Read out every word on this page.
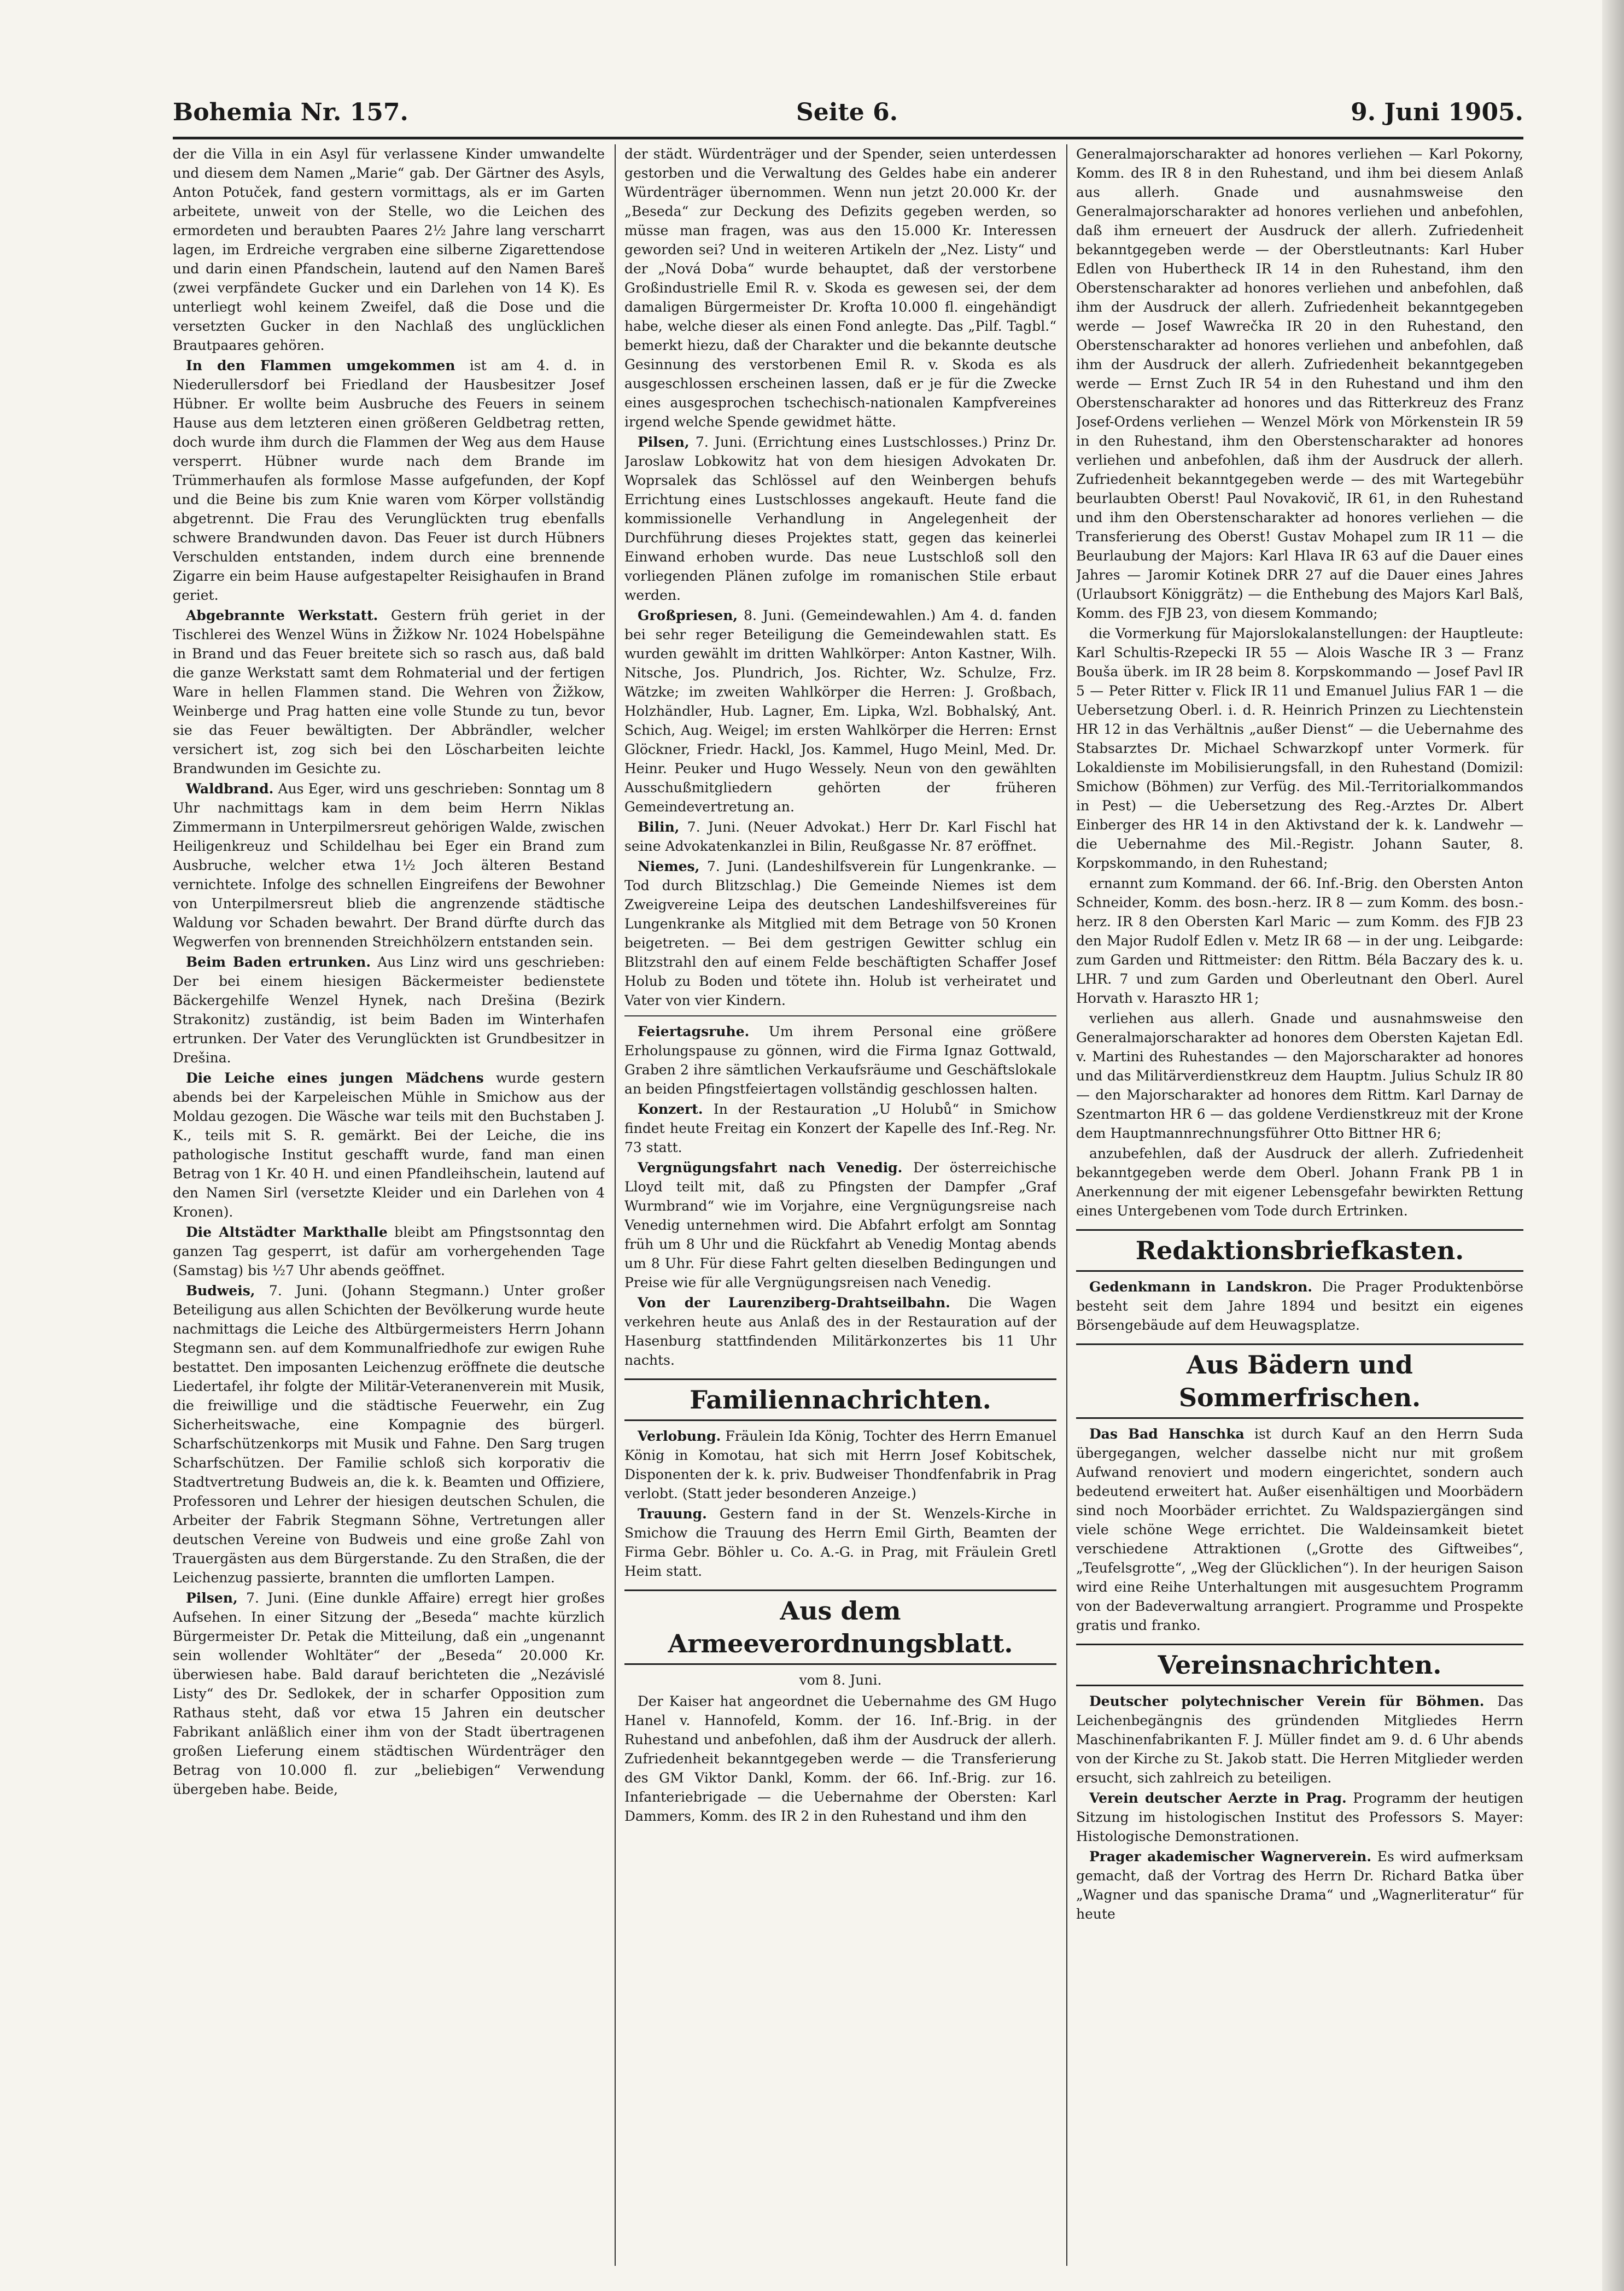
Bohemia Nr. 157.	Seite 6.	9. Juni 1905.

der die Villa in ein Asyl für verlassene Kinder umwandelte und diesem dem Namen „Marie“ gab. Der Gärtner des Asyls, Anton Potuček, fand gestern vormittags, als er im Garten arbeitete, unweit von der Stelle, wo die Leichen des ermordeten und beraubten Paares 2½ Jahre lang verscharrt lagen, im Erdreiche vergraben eine silberne Zigarettendose und darin einen Pfandschein, lautend auf den Namen Bareš (zwei verpfändete Gucker und ein Darlehen von 14 K). Es unterliegt wohl keinem Zweifel, daß die Dose und die versetzten Gucker in den Nachlaß des unglücklichen Brautpaares gehören.

In den Flammen umgekommen ist am 4. d. in Niederullersdorf bei Friedland der Hausbesitzer Josef Hübner. Er wollte beim Ausbruche des Feuers in seinem Hause aus dem letzteren einen größeren Geldbetrag retten, doch wurde ihm durch die Flammen der Weg aus dem Hause versperrt. Hübner wurde nach dem Brande im Trümmerhaufen als formlose Masse aufgefunden, der Kopf und die Beine bis zum Knie waren vom Körper vollständig abgetrennt. Die Frau des Verunglückten trug ebenfalls schwere Brandwunden davon. Das Feuer ist durch Hübners Verschulden entstanden, indem durch eine brennende Zigarre ein beim Hause aufgestapelter Reisighaufen in Brand geriet.

Abgebrannte Werkstatt. Gestern früh geriet in der Tischlerei des Wenzel Wüns in Žižkow Nr. 1024 Hobelspähne in Brand und das Feuer breitete sich so rasch aus, daß bald die ganze Werkstatt samt dem Rohmaterial und der fertigen Ware in hellen Flammen stand. Die Wehren von Žižkow, Weinberge und Prag hatten eine volle Stunde zu tun, bevor sie das Feuer bewältigten. Der Abbrändler, welcher versichert ist, zog sich bei den Löscharbeiten leichte Brandwunden im Gesichte zu.

Waldbrand. Aus Eger, wird uns geschrieben: Sonntag um 8 Uhr nachmittags kam in dem beim Herrn Niklas Zimmermann in Unterpilmersreut gehörigen Walde, zwischen Heiligenkreuz und Schildelhau bei Eger ein Brand zum Ausbruche, welcher etwa 1½ Joch älteren Bestand vernichtete. Infolge des schnellen Eingreifens der Bewohner von Unterpilmersreut blieb die angrenzende städtische Waldung vor Schaden bewahrt. Der Brand dürfte durch das Wegwerfen von brennenden Streichhölzern entstanden sein.

Beim Baden ertrunken. Aus Linz wird uns geschrieben: Der bei einem hiesigen Bäckermeister bedienstete Bäckergehilfe Wenzel Hynek, nach Drešina (Bezirk Strakonitz) zuständig, ist beim Baden im Winterhafen ertrunken. Der Vater des Verunglückten ist Grundbesitzer in Drešina.

Die Leiche eines jungen Mädchens wurde gestern abends bei der Karpeleischen Mühle in Smichow aus der Moldau gezogen. Die Wäsche war teils mit den Buchstaben J. K., teils mit S. R. gemärkt. Bei der Leiche, die ins pathologische Institut geschafft wurde, fand man einen Betrag von 1 Kr. 40 H. und einen Pfandleihschein, lautend auf den Namen Sirl (versetzte Kleider und ein Darlehen von 4 Kronen).

Die Altstädter Markthalle bleibt am Pfingstsonntag den ganzen Tag gesperrt, ist dafür am vorhergehenden Tage (Samstag) bis ½7 Uhr abends geöffnet.

Budweis, 7. Juni. (Johann Stegmann.) Unter großer Beteiligung aus allen Schichten der Bevölkerung wurde heute nachmittags die Leiche des Altbürgermeisters Herrn Johann Stegmann sen. auf dem Kommunalfriedhofe zur ewigen Ruhe bestattet. Den imposanten Leichenzug eröffnete die deutsche Liedertafel, ihr folgte der Militär-Veteranenverein mit Musik, die freiwillige und die städtische Feuerwehr, ein Zug Sicherheitswache, eine Kompagnie des bürgerl. Scharfschützenkorps mit Musik und Fahne. Den Sarg trugen Scharfschützen. Der Familie schloß sich korporativ die Stadtvertretung Budweis an, die k. k. Beamten und Offiziere, Professoren und Lehrer der hiesigen deutschen Schulen, die Arbeiter der Fabrik Stegmann Söhne, Vertretungen aller deutschen Vereine von Budweis und eine große Zahl von Trauergästen aus dem Bürgerstande. Zu den Straßen, die der Leichenzug passierte, brannten die umflorten Lampen.

Pilsen, 7. Juni. (Eine dunkle Affaire) erregt hier großes Aufsehen. In einer Sitzung der „Beseda“ machte kürzlich Bürgermeister Dr. Petak die Mitteilung, daß ein „ungenannt sein wollender Wohltäter“ der „Beseda“ 20.000 Kr. überwiesen habe. Bald darauf berichteten die „Nezávislé Listy“ des Dr. Sedlokek, der in scharfer Opposition zum Rathaus steht, daß vor etwa 15 Jahren ein deutscher Fabrikant anläßlich einer ihm von der Stadt übertragenen großen Lieferung einem städtischen Würdenträger den Betrag von 10.000 fl. zur „beliebigen“ Verwendung übergeben habe. Beide,

der städt. Würdenträger und der Spender, seien unterdessen gestorben und die Verwaltung des Geldes habe ein anderer Würdenträger übernommen. Wenn nun jetzt 20.000 Kr. der „Beseda“ zur Deckung des Defizits gegeben werden, so müsse man fragen, was aus den 15.000 Kr. Interessen geworden sei? Und in weiteren Artikeln der „Nez. Listy“ und der „Nová Doba“ wurde behauptet, daß der verstorbene Großindustrielle Emil R. v. Skoda es gewesen sei, der dem damaligen Bürgermeister Dr. Krofta 10.000 fl. eingehändigt habe, welche dieser als einen Fond anlegte. Das „Pilf. Tagbl.“ bemerkt hiezu, daß der Charakter und die bekannte deutsche Gesinnung des verstorbenen Emil R. v. Skoda es als ausgeschlossen erscheinen lassen, daß er je für die Zwecke eines ausgesprochen tschechisch-nationalen Kampfvereines irgend welche Spende gewidmet hätte.

Pilsen, 7. Juni. (Errichtung eines Lustschlosses.) Prinz Dr. Jaroslaw Lobkowitz hat von dem hiesigen Advokaten Dr. Woprsalek das Schlössel auf den Weinbergen behufs Errichtung eines Lustschlosses angekauft. Heute fand die kommissionelle Verhandlung in Angelegenheit der Durchführung dieses Projektes statt, gegen das keinerlei Einwand erhoben wurde. Das neue Lustschloß soll den vorliegenden Plänen zufolge im romanischen Stile erbaut werden.

Großpriesen, 8. Juni. (Gemeindewahlen.) Am 4. d. fanden bei sehr reger Beteiligung die Gemeindewahlen statt. Es wurden gewählt im dritten Wahlkörper: Anton Kastner, Wilh. Nitsche, Jos. Plundrich, Jos. Richter, Wz. Schulze, Frz. Wätzke; im zweiten Wahlkörper die Herren: J. Großbach, Holzhändler, Hub. Lagner, Em. Lipka, Wzl. Bobhalský, Ant. Schich, Aug. Weigel; im ersten Wahlkörper die Herren: Ernst Glöckner, Friedr. Hackl, Jos. Kammel, Hugo Meinl, Med. Dr. Heinr. Peuker und Hugo Wessely. Neun von den gewählten Ausschußmitgliedern gehörten der früheren Gemeindevertretung an.

Bilin, 7. Juni. (Neuer Advokat.) Herr Dr. Karl Fischl hat seine Advokatenkanzlei in Bilin, Reußgasse Nr. 87 eröffnet.

Niemes, 7. Juni. (Landeshilfsverein für Lungenkranke. — Tod durch Blitzschlag.) Die Gemeinde Niemes ist dem Zweigvereine Leipa des deutschen Landeshilfsvereines für Lungenkranke als Mitglied mit dem Betrage von 50 Kronen beigetreten. — Bei dem gestrigen Gewitter schlug ein Blitzstrahl den auf einem Felde beschäftigten Schaffer Josef Holub zu Boden und tötete ihn. Holub ist verheiratet und Vater von vier Kindern.

Feiertagsruhe. Um ihrem Personal eine größere Erholungspause zu gönnen, wird die Firma Ignaz Gottwald, Graben 2 ihre sämtlichen Verkaufsräume und Geschäftslokale an beiden Pfingstfeiertagen vollständig geschlossen halten.

Konzert. In der Restauration „U Holubů“ in Smichow findet heute Freitag ein Konzert der Kapelle des Inf.-Reg. Nr. 73 statt.

Vergnügungsfahrt nach Venedig. Der österreichische Lloyd teilt mit, daß zu Pfingsten der Dampfer „Graf Wurmbrand“ wie im Vorjahre, eine Vergnügungsreise nach Venedig unternehmen wird. Die Abfahrt erfolgt am Sonntag früh um 8 Uhr und die Rückfahrt ab Venedig Montag abends um 8 Uhr. Für diese Fahrt gelten dieselben Bedingungen und Preise wie für alle Vergnügungsreisen nach Venedig.

Von der Laurenziberg-Drahtseilbahn. Die Wagen verkehren heute aus Anlaß des in der Restauration auf der Hasenburg stattfindenden Militärkonzertes bis 11 Uhr nachts.

Familiennachrichten.

Verlobung. Fräulein Ida König, Tochter des Herrn Emanuel König in Komotau, hat sich mit Herrn Josef Kobitschek, Disponenten der k. k. priv. Budweiser Thondfenfabrik in Prag verlobt. (Statt jeder besonderen Anzeige.)

Trauung. Gestern fand in der St. Wenzels-Kirche in Smichow die Trauung des Herrn Emil Girth, Beamten der Firma Gebr. Böhler u. Co. A.-G. in Prag, mit Fräulein Gretl Heim statt.

Aus dem Armeeverordnungsblatt.
vom 8. Juni.

Der Kaiser hat angeordnet die Uebernahme des GM Hugo Hanel v. Hannofeld, Komm. der 16. Inf.-Brig. in der Ruhestand und anbefohlen, daß ihm der Ausdruck der allerh. Zufriedenheit bekanntgegeben werde — die Transferierung des GM Viktor Dankl, Komm. der 66. Inf.-Brig. zur 16. Infanteriebrigade — die Uebernahme der Obersten: Karl Dammers, Komm. des IR 2 in den Ruhestand und ihm den

Generalmajorscharakter ad honores verliehen — Karl Pokorny, Komm. des IR 8 in den Ruhestand, und ihm bei diesem Anlaß aus allerh. Gnade und ausnahmsweise den Generalmajorscharakter ad honores verliehen und anbefohlen, daß ihm erneuert der Ausdruck der allerh. Zufriedenheit bekanntgegeben werde — der Oberstleutnants: Karl Huber Edlen von Hubertheck IR 14 in den Ruhestand, ihm den Oberstenscharakter ad honores verliehen und anbefohlen, daß ihm der Ausdruck der allerh. Zufriedenheit bekanntgegeben werde — Josef Wawrečka IR 20 in den Ruhestand, den Oberstenscharakter ad honores verliehen und anbefohlen, daß ihm der Ausdruck der allerh. Zufriedenheit bekanntgegeben werde — Ernst Zuch IR 54 in den Ruhestand und ihm den Oberstenscharakter ad honores und das Ritterkreuz des Franz Josef-Ordens verliehen — Wenzel Mörk von Mörkenstein IR 59 in den Ruhestand, ihm den Oberstenscharakter ad honores verliehen und anbefohlen, daß ihm der Ausdruck der allerh. Zufriedenheit bekanntgegeben werde — des mit Wartegebühr beurlaubten Oberst! Paul Novakovič, IR 61, in den Ruhestand und ihm den Oberstenscharakter ad honores verliehen — die Transferierung des Oberst! Gustav Mohapel zum IR 11 — die Beurlaubung der Majors: Karl Hlava IR 63 auf die Dauer eines Jahres — Jaromir Kotinek DRR 27 auf die Dauer eines Jahres (Urlaubsort Königgrätz) — die Enthebung des Majors Karl Balš, Komm. des FJB 23, von diesem Kommando;

die Vormerkung für Majorslokalanstellungen: der Hauptleute: Karl Schultis-Rzepecki IR 55 — Alois Wasche IR 3 — Franz Bouša überk. im IR 28 beim 8. Korpskommando — Josef Pavl IR 5 — Peter Ritter v. Flick IR 11 und Emanuel Julius FAR 1 — die Uebersetzung Oberl. i. d. R. Heinrich Prinzen zu Liechtenstein HR 12 in das Verhältnis „außer Dienst“ — die Uebernahme des Stabsarztes Dr. Michael Schwarzkopf unter Vormerk. für Lokaldienste im Mobilisierungsfall, in den Ruhestand (Domizil: Smichow (Böhmen) zur Verfüg. des Mil.-Territorialkommandos in Pest) — die Uebersetzung des Reg.-Arztes Dr. Albert Einberger des HR 14 in den Aktivstand der k. k. Landwehr — die Uebernahme des Mil.-Registr. Johann Sauter, 8. Korpskommando, in den Ruhestand;

ernannt zum Kommand. der 66. Inf.-Brig. den Obersten Anton Schneider, Komm. des bosn.-herz. IR 8 — zum Komm. des bosn.-herz. IR 8 den Obersten Karl Maric — zum Komm. des FJB 23 den Major Rudolf Edlen v. Metz IR 68 — in der ung. Leibgarde: zum Garden und Rittmeister: den Rittm. Béla Baczary des k. u. LHR. 7 und zum Garden und Oberleutnant den Oberl. Aurel Horvath v. Haraszto HR 1;

verliehen aus allerh. Gnade und ausnahmsweise den Generalmajorscharakter ad honores dem Obersten Kajetan Edl. v. Martini des Ruhestandes — den Majorscharakter ad honores und das Militärverdienstkreuz dem Hauptm. Julius Schulz IR 80 — den Majorscharakter ad honores dem Rittm. Karl Darnay de Szentmarton HR 6 — das goldene Verdienstkreuz mit der Krone dem Hauptmannrechnungsführer Otto Bittner HR 6;

anzubefehlen, daß der Ausdruck der allerh. Zufriedenheit bekanntgegeben werde dem Oberl. Johann Frank PB 1 in Anerkennung der mit eigener Lebensgefahr bewirkten Rettung eines Untergebenen vom Tode durch Ertrinken.

Redaktionsbriefkasten.

Gedenkmann in Landskron. Die Prager Produktenbörse besteht seit dem Jahre 1894 und besitzt ein eigenes Börsengebäude auf dem Heuwagsplatze.

Aus Bädern und Sommerfrischen.

Das Bad Hanschka ist durch Kauf an den Herrn Suda übergegangen, welcher dasselbe nicht nur mit großem Aufwand renoviert und modern eingerichtet, sondern auch bedeutend erweitert hat. Außer eisenhältigen und Moorbädern sind noch Moorbäder errichtet. Zu Waldspaziergängen sind viele schöne Wege errichtet. Die Waldeinsamkeit bietet verschiedene Attraktionen („Grotte des Giftweibes“, „Teufelsgrotte“, „Weg der Glücklichen“). In der heurigen Saison wird eine Reihe Unterhaltungen mit ausgesuchtem Programm von der Badeverwaltung arrangiert. Programme und Prospekte gratis und franko.

Vereinsnachrichten.

Deutscher polytechnischer Verein für Böhmen. Das Leichenbegängnis des gründenden Mitgliedes Herrn Maschinenfabrikanten F. J. Müller findet am 9. d. 6 Uhr abends von der Kirche zu St. Jakob statt. Die Herren Mitglieder werden ersucht, sich zahlreich zu beteiligen.

Verein deutscher Aerzte in Prag. Programm der heutigen Sitzung im histologischen Institut des Professors S. Mayer: Histologische Demonstrationen.

Prager akademischer Wagnerverein. Es wird aufmerksam gemacht, daß der Vortrag des Herrn Dr. Richard Batka über „Wagner und das spanische Drama“ und „Wagnerliteratur“ für heute
